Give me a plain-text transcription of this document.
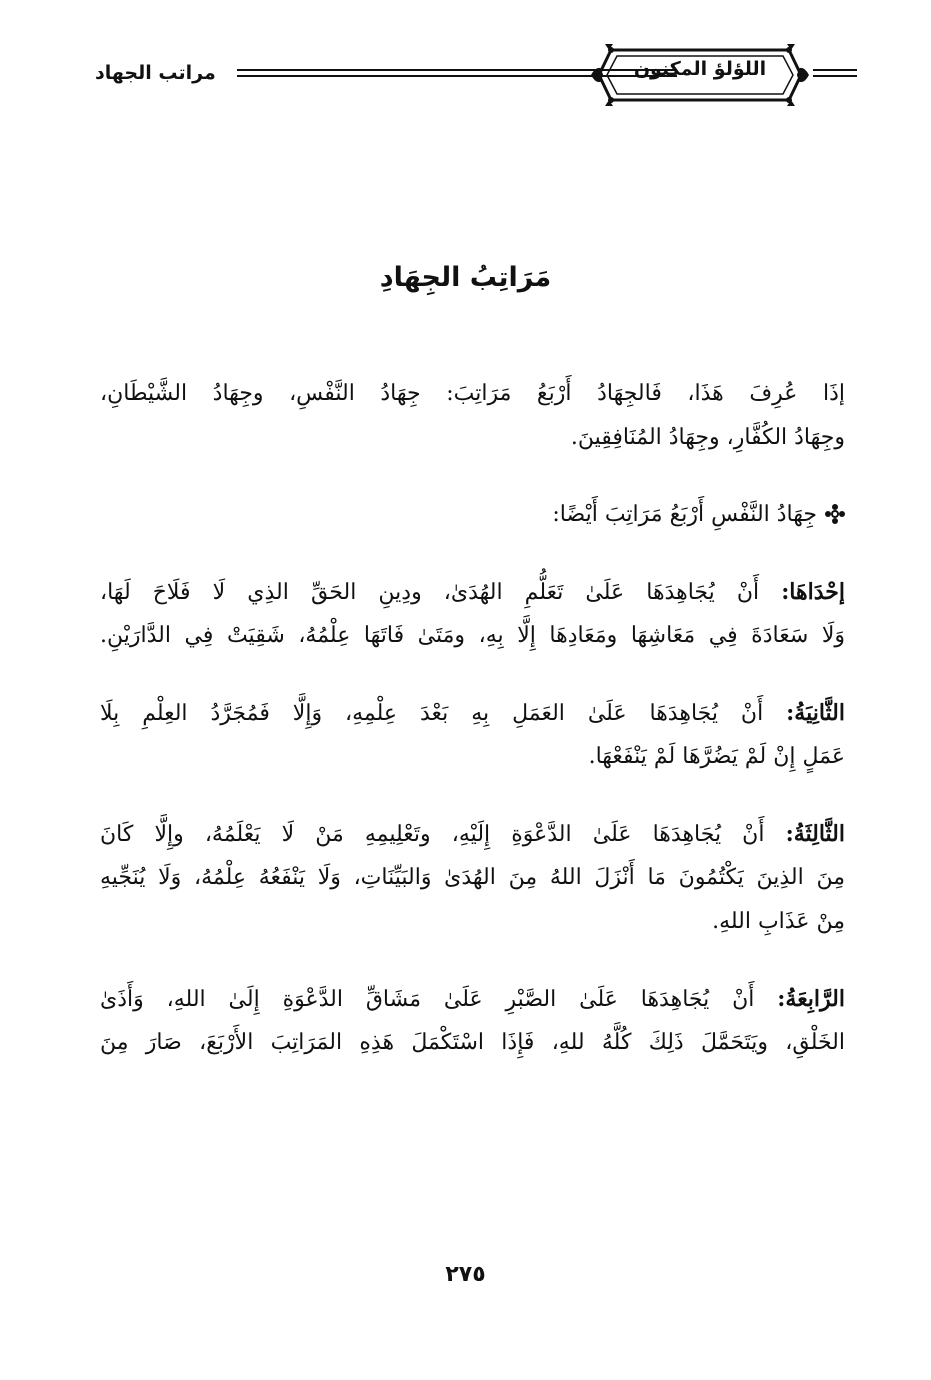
مراتب الجهاد	اللؤلؤ المكنون
مَرَاتِبُ الجِهَادِ
إذَا عُرِفَ هَذَا، فَالجِهَادُ أَرْبَعُ مَرَاتِبَ: جِهَادُ النَّفْسِ، وجِهَادُ الشَّيْطَانِ،
وجِهَادُ الكُفَّارِ، وجِهَادُ المُنَافِقِينَ.
جِهَادُ النَّفْسِ أَرْبَعُ مَرَاتِبَ أَيْضًا:
إحْدَاهَا: أَنْ يُجَاهِدَهَا عَلَىٰ تَعَلُّمِ الهُدَىٰ، ودِينِ الحَقِّ الذِي لَا فَلَاحَ لَهَا،
وَلَا سَعَادَةَ فِي مَعَاشِهَا ومَعَادِهَا إِلَّا بِهِ، ومَتَىٰ فَاتَهَا عِلْمُهُ، شَقِيَتْ فِي الدَّارَيْنِ.
الثَّانِيَةُ: أَنْ يُجَاهِدَهَا عَلَىٰ العَمَلِ بِهِ بَعْدَ عِلْمِهِ، وَإِلَّا فَمُجَرَّدُ العِلْمِ بِلَا
عَمَلٍ إِنْ لَمْ يَضُرَّهَا لَمْ يَنْفَعْهَا.
الثَّالِثَةُ: أَنْ يُجَاهِدَهَا عَلَىٰ الدَّعْوَةِ إِلَيْهِ، وتَعْلِيمِهِ مَنْ لَا يَعْلَمُهُ، وإِلَّا كَانَ
مِنَ الذِينَ يَكْتُمُونَ مَا أَنْزَلَ اللهُ مِنَ الهُدَىٰ وَالبَيِّنَاتِ، وَلَا يَنْفَعُهُ عِلْمُهُ، وَلَا يُنَجِّيهِ
مِنْ عَذَابِ اللهِ.
الرَّابِعَةُ: أَنْ يُجَاهِدَهَا عَلَىٰ الصَّبْرِ عَلَىٰ مَشَاقِّ الدَّعْوَةِ إِلَىٰ اللهِ، وَأَذَىٰ
الخَلْقِ، ويَتَحَمَّلَ ذَلِكَ كُلَّهُ للهِ، فَإِذَا اسْتَكْمَلَ هَذِهِ المَرَاتِبَ الأَرْبَعَ، صَارَ مِنَ
٢٧٥
